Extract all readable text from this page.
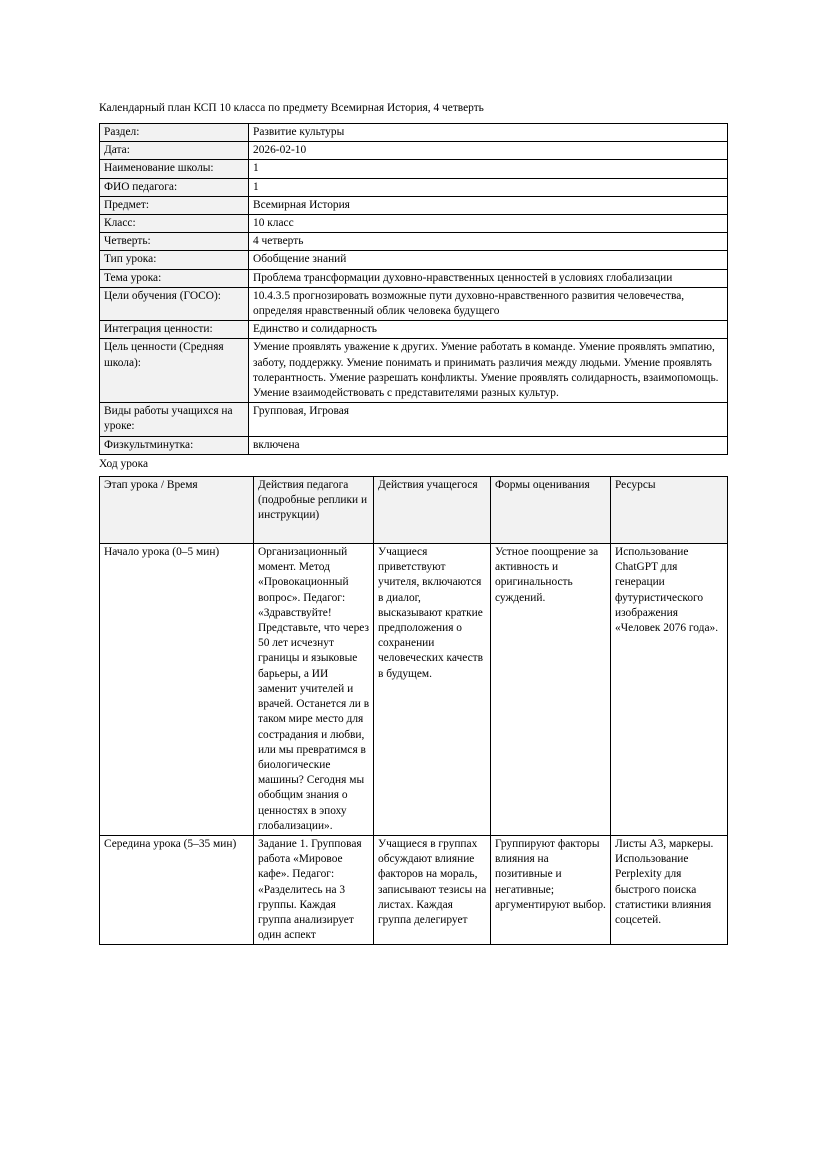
Календарный план КСП 10 класса по предмету Всемирная История, 4 четверть
Раздел:	Развитие культуры
Дата:	2026-02-10
Наименование школы:	1
ФИО педагога:	1
Предмет:	Всемирная История
Класс:	10 класс
Четверть:	4 четверть
Тип урока:	Обобщение знаний
Тема урока:	Проблема трансформации духовно-нравственных ценностей в условиях глобализации
Цели обучения (ГОСО):	10.4.3.5 прогнозировать возможные пути духовно-нравственного развития человечества, определяя нравственный облик человека будущего
Интеграция ценности:	Единство и солидарность
Цель ценности (Средняя школа):	Умение проявлять уважение к других. Умение работать в команде. Умение проявлять эмпатию, заботу, поддержку. Умение понимать и принимать различия между людьми. Умение проявлять толерантность. Умение разрешать конфликты. Умение проявлять солидарность, взаимопомощь. Умение взаимодействовать с представителями разных культур.
Виды работы учащихся на уроке:	Групповая, Игровая
Физкультминутка:	включена
Ход урока
Этап урока / Время	Действия педагога (подробные реплики и инструкции)	Действия учащегося	Формы оценивания	Ресурсы
Начало урока (0–5 мин)	Организационный момент. Метод «Провокационный вопрос». Педагог: «Здравствуйте! Представьте, что через 50 лет исчезнут границы и языковые барьеры, а ИИ заменит учителей и врачей. Останется ли в таком мире место для сострадания и любви, или мы превратимся в биологические машины? Сегодня мы обобщим знания о ценностях в эпоху глобализации».	Учащиеся приветствуют учителя, включаются в диалог, высказывают краткие предположения о сохранении человеческих качеств в будущем.	Устное поощрение за активность и оригинальность суждений.	Использование ChatGPT для генерации футуристического изображения «Человек 2076 года».
Середина урока (5–35 мин)	Задание 1. Групповая работа «Мировое кафе». Педагог: «Разделитесь на 3 группы. Каждая группа анализирует один аспект	Учащиеся в группах обсуждают влияние факторов на мораль, записывают тезисы на листах. Каждая группа делегирует	Группируют факторы влияния на позитивные и негативные; аргументируют выбор.	Листы А3, маркеры. Использование Perplexity для быстрого поиска статистики влияния соцсетей.
